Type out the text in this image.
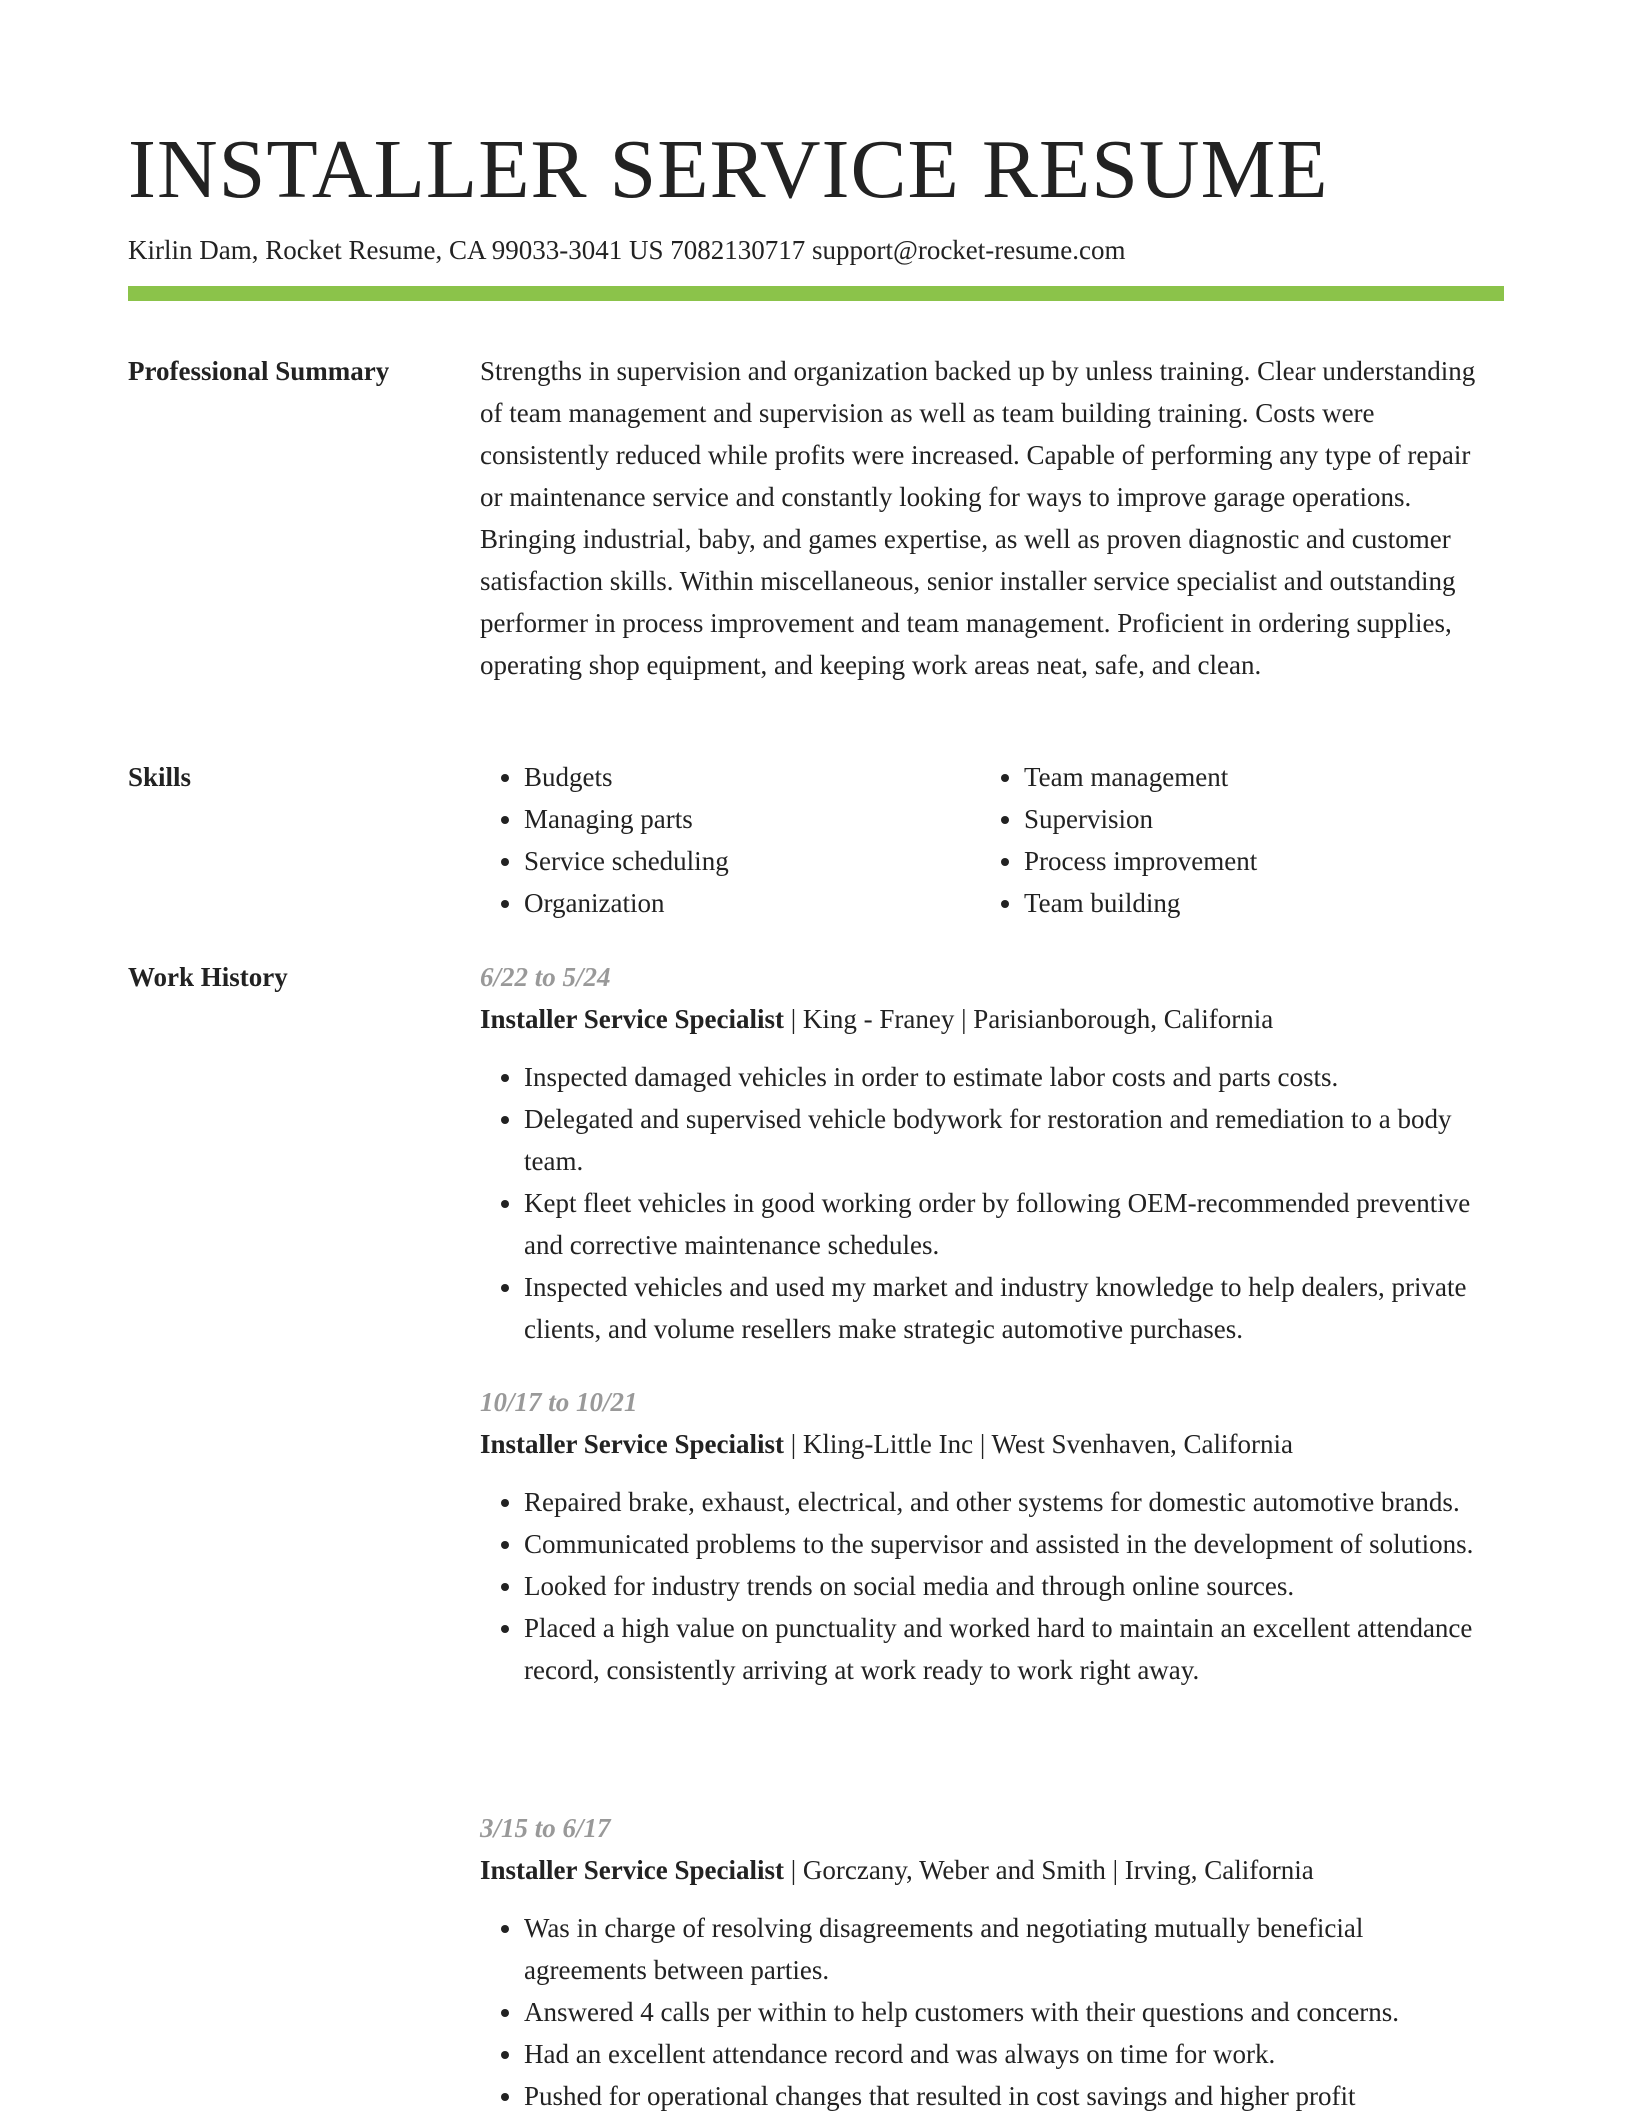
INSTALLER SERVICE RESUME
Kirlin Dam, Rocket Resume, CA 99033-3041 US 7082130717 support@rocket-resume.com
Professional Summary	Strengths in supervision and organization backed up by unless training. Clear understanding of team management and supervision as well as team building training. Costs were consistently reduced while profits were increased. Capable of performing any type of repair or maintenance service and constantly looking for ways to improve garage operations. Bringing industrial, baby, and games expertise, as well as proven diagnostic and customer satisfaction skills. Within miscellaneous, senior installer service specialist and outstanding performer in process improvement and team management. Proficient in ordering supplies, operating shop equipment, and keeping work areas neat, safe, and clean.

Skills
•	Budgets
• Managing parts
• Service scheduling
• Organization
• Team management
• Supervision
• Process improvement
• Team building
Work History	6/22 to 5/24
Installer Service Specialist | King - Franey | Parisianborough, California
• Inspected damaged vehicles in order to estimate labor costs and parts costs.
• Delegated and supervised vehicle bodywork for restoration and remediation to a body team.
• Kept fleet vehicles in good working order by following OEM-recommended preventive and corrective maintenance schedules.
• Inspected vehicles and used my market and industry knowledge to help dealers, private clients, and volume resellers make strategic automotive purchases.
10/17 to 10/21
Installer Service Specialist | Kling-Little Inc | West Svenhaven, California
• Repaired brake, exhaust, electrical, and other systems for domestic automotive brands.
• Communicated problems to the supervisor and assisted in the development of solutions.
• Looked for industry trends on social media and through online sources.
• Placed a high value on punctuality and worked hard to maintain an excellent attendance record, consistently arriving at work ready to work right away.
3/15 to 6/17
Installer Service Specialist | Gorczany, Weber and Smith | Irving, California
• Was in charge of resolving disagreements and negotiating mutually beneficial agreements between parties.
• Answered 4 calls per within to help customers with their questions and concerns.
• Had an excellent attendance record and was always on time for work.
• Pushed for operational changes that resulted in cost savings and higher profit
